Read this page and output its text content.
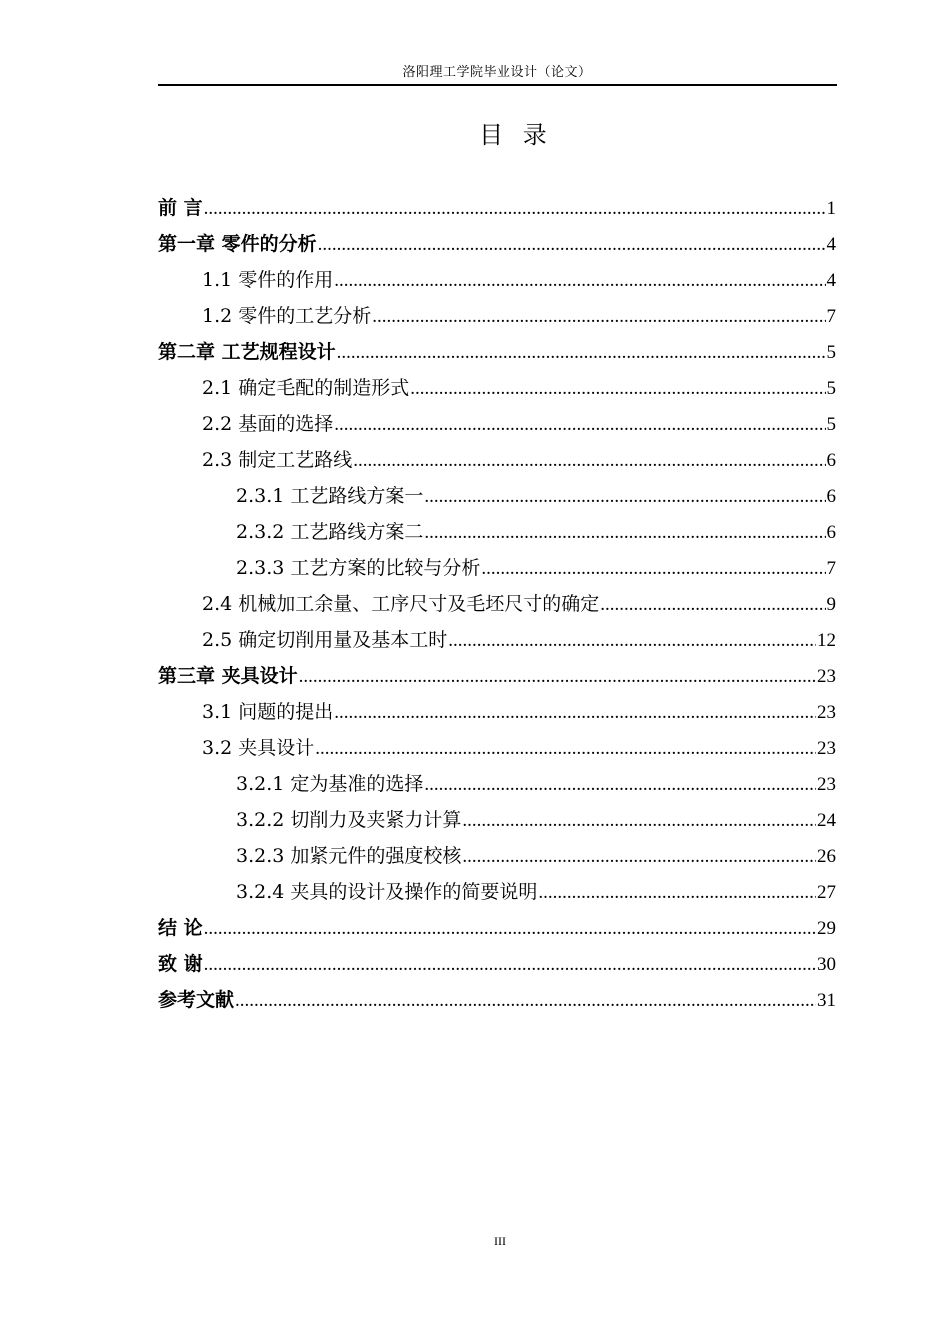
洛阳理工学院毕业设计（论文）
目 录
前 言 .....	1
第一章 零件的分析 .....	4
1.1 零件的作用 .....	4
1.2 零件的工艺分析 .....	7
第二章 工艺规程设计 .....	5
2.1 确定毛配的制造形式 .....	5
2.2 基面的选择 .....	5
2.3 制定工艺路线 .....	6
2.3.1 工艺路线方案一 .....	6
2.3.2 工艺路线方案二 .....	6
2.3.3 工艺方案的比较与分析 .....	7
2.4 机械加工余量、工序尺寸及毛坯尺寸的确定 .....	9
2.5 确定切削用量及基本工时 .....	12
第三章 夹具设计 .....	23
3.1 问题的提出 .....	23
3.2 夹具设计 .....	23
3.2.1 定为基准的选择 .....	23
3.2.2 切削力及夹紧力计算 .....	24
3.2.3 加紧元件的强度校核 .....	26
3.2.4 夹具的设计及操作的简要说明 .....	27
结 论 .....	29
致 谢 .....	30
参考文献 .....	31
III
